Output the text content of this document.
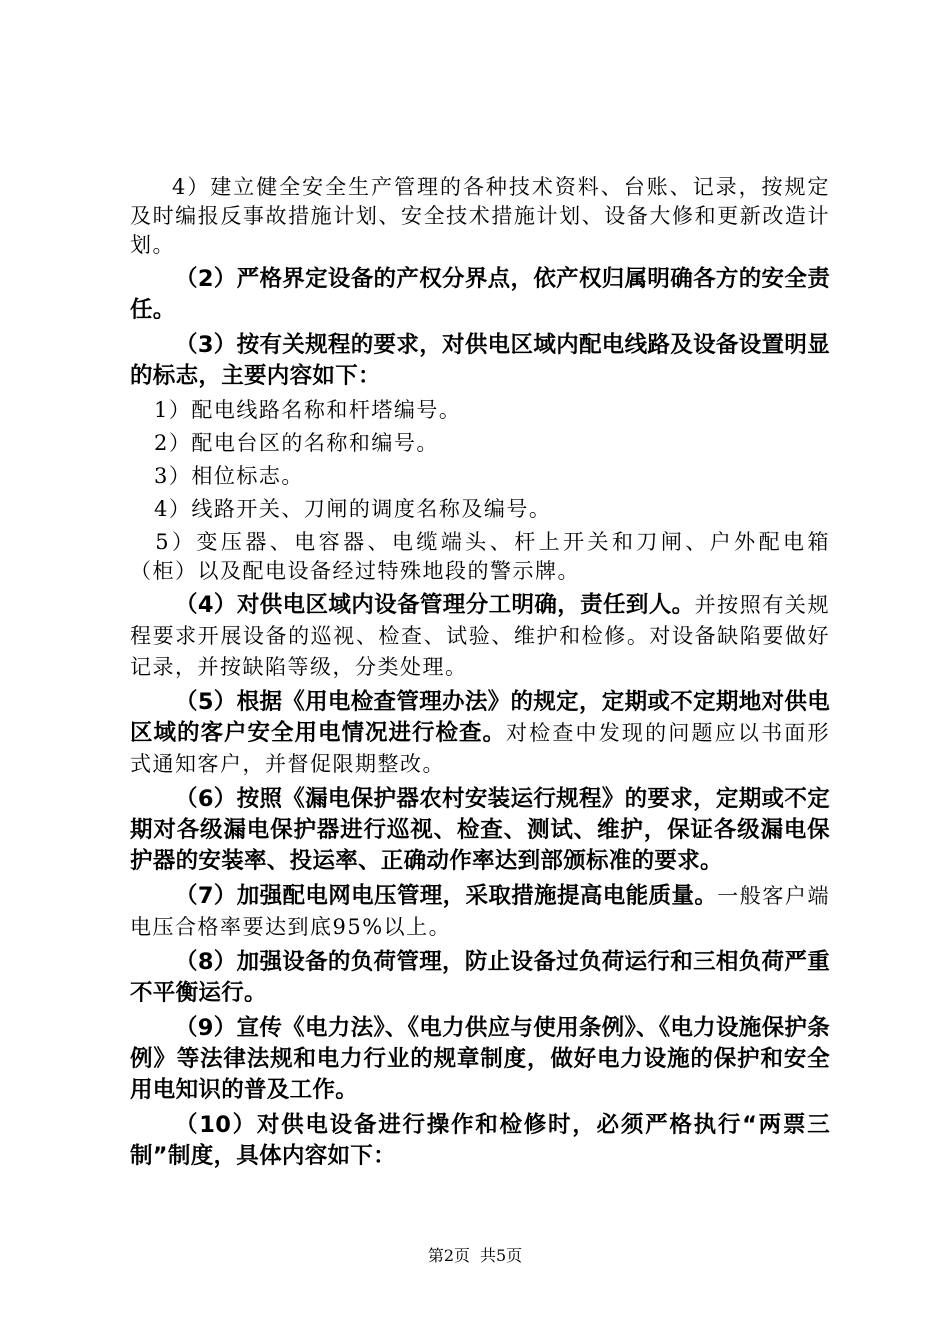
4）建立健全安全生产管理的各种技术资料、台账、记录，按规定及时编报反事故措施计划、安全技术措施计划、设备大修和更新改造计划。

（2）严格界定设备的产权分界点，依产权归属明确各方的安全责任。

（3）按有关规程的要求，对供电区域内配电线路及设备设置明显的标志，主要内容如下：

1）配电线路名称和杆塔编号。

2）配电台区的名称和编号。

3）相位标志。

4）线路开关、刀闸的调度名称及编号。

5）变压器、电容器、电缆端头、杆上开关和刀闸、户外配电箱（柜）以及配电设备经过特殊地段的警示牌。

（4）对供电区域内设备管理分工明确，责任到人。并按照有关规程要求开展设备的巡视、检查、试验、维护和检修。对设备缺陷要做好记录，并按缺陷等级，分类处理。

（5）根据《用电检查管理办法》的规定，定期或不定期地对供电区域的客户安全用电情况进行检查。对检查中发现的问题应以书面形式通知客户，并督促限期整改。

（6）按照《漏电保护器农村安装运行规程》的要求，定期或不定期对各级漏电保护器进行巡视、检查、测试、维护，保证各级漏电保护器的安装率、投运率、正确动作率达到部颁标准的要求。

（7）加强配电网电压管理，采取措施提高电能质量。一般客户端电压合格率要达到底95%以上。

（8）加强设备的负荷管理，防止设备过负荷运行和三相负荷严重不平衡运行。

（9）宣传《电力法》、《电力供应与使用条例》、《电力设施保护条例》等法律法规和电力行业的规章制度，做好电力设施的保护和安全用电知识的普及工作。

（10）对供电设备进行操作和检修时，必须严格执行“两票三制”制度，具体内容如下：

第2页 共5页
